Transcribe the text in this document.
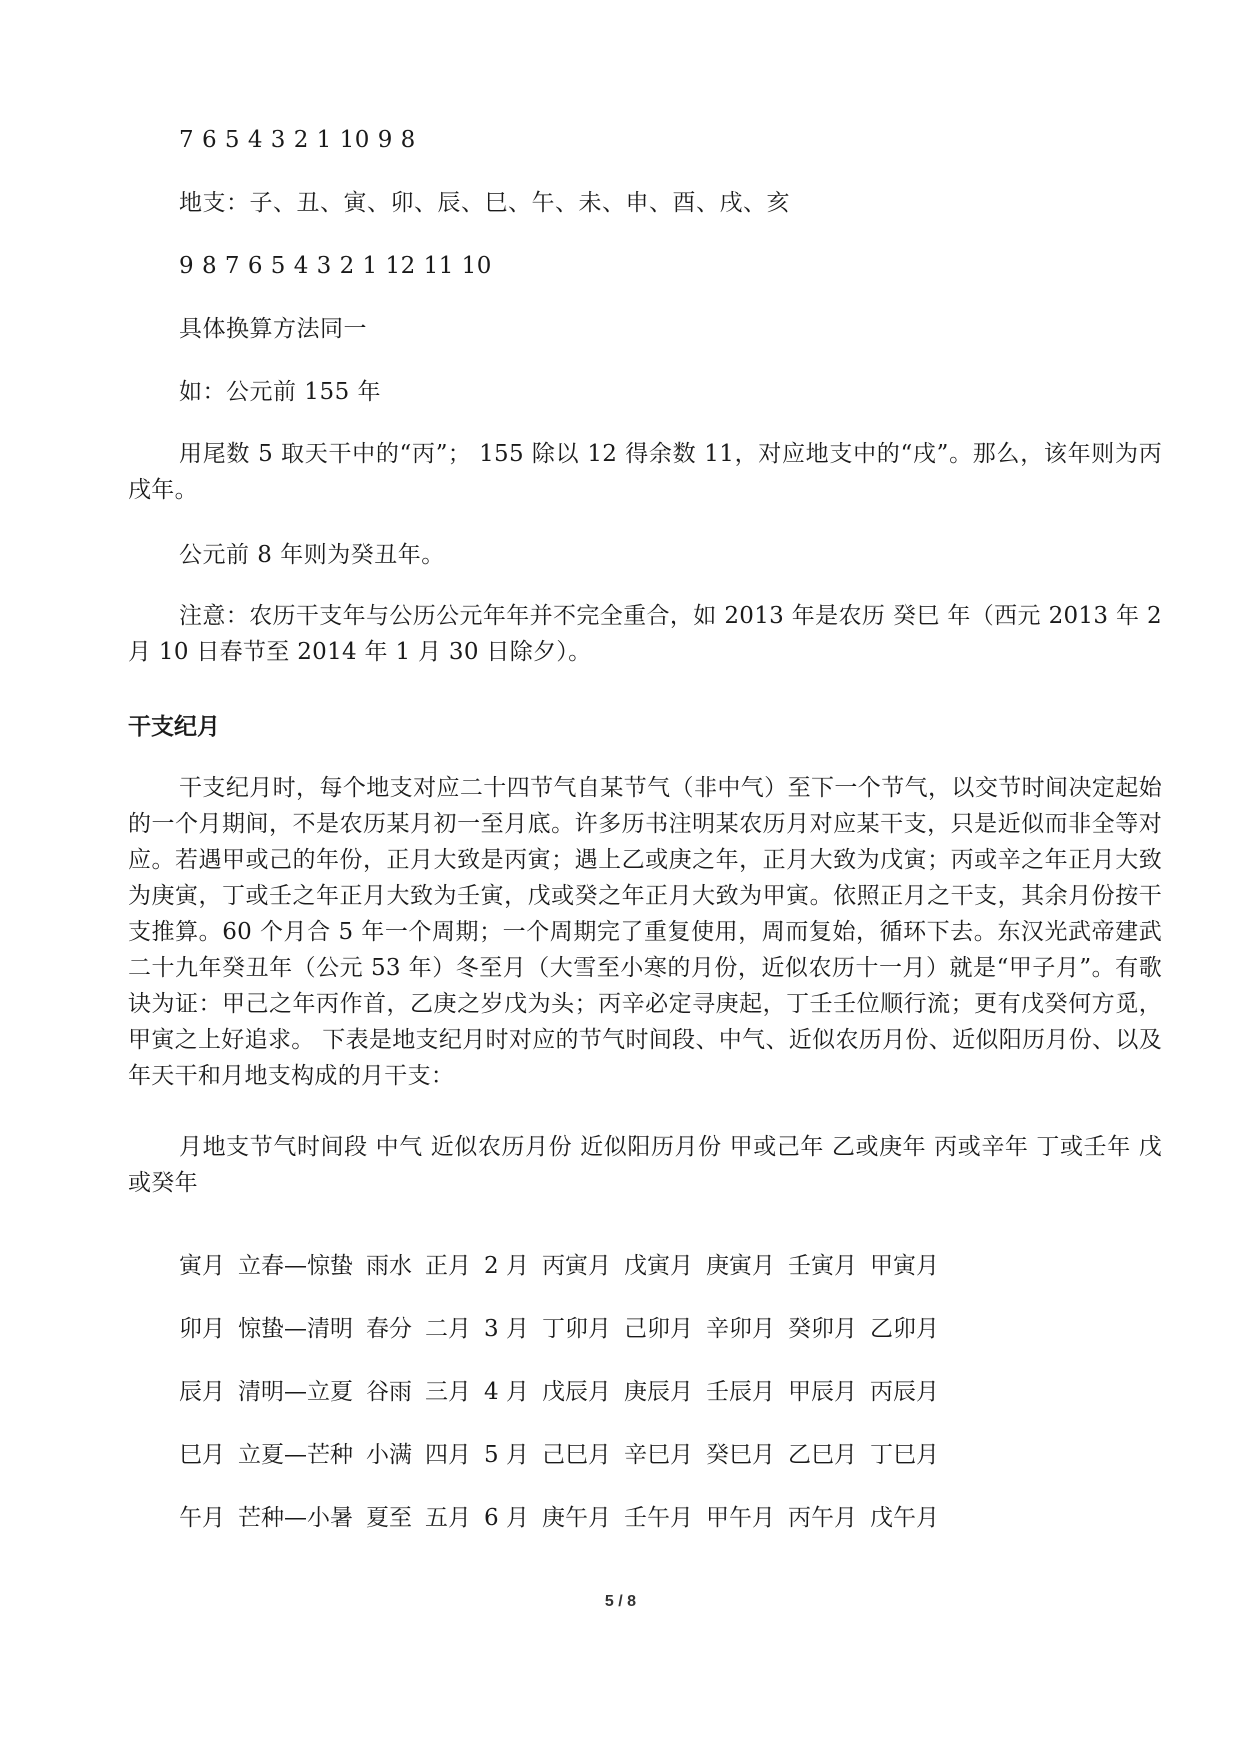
7 6 5 4 3 2 1 10 9 8
地支：子、丑、寅、卯、辰、巳、午、未、申、酉、戌、亥
9 8 7 6 5 4 3 2 1 12 11 10
具体换算方法同一
如：公元前 155 年
用尾数 5 取天干中的“丙”； 155 除以 12 得余数 11，对应地支中的“戌”。那么，该年则为丙戌年。
公元前 8 年则为癸丑年。
注意：农历干支年与公历公元年年并不完全重合，如 2013 年是农历 癸巳 年（西元 2013 年 2 月 10 日春节至 2014 年 1 月 30 日除夕）。
干支纪月
干支纪月时，每个地支对应二十四节气自某节气（非中气）至下一个节气，以交节时间决定起始的一个月期间，不是农历某月初一至月底。许多历书注明某农历月对应某干支，只是近似而非全等对应。若遇甲或己的年份，正月大致是丙寅；遇上乙或庚之年，正月大致为戊寅；丙或辛之年正月大致为庚寅，丁或壬之年正月大致为壬寅，戊或癸之年正月大致为甲寅。依照正月之干支，其余月份按干支推算。60 个月合 5 年一个周期；一个周期完了重复使用，周而复始，循环下去。东汉光武帝建武二十九年癸丑年（公元 53 年）冬至月（大雪至小寒的月份，近似农历十一月）就是“甲子月”。有歌诀为证：甲己之年丙作首，乙庚之岁戊为头；丙辛必定寻庚起，丁壬壬位顺行流；更有戊癸何方觅，甲寅之上好追求。 下表是地支纪月时对应的节气时间段、中气、近似农历月份、近似阳历月份、以及年天干和月地支构成的月干支：
月地支节气时间段 中气 近似农历月份 近似阳历月份 甲或己年 乙或庚年 丙或辛年 丁或壬年 戊或癸年
寅月 立春—惊蛰 雨水 正月 2 月 丙寅月 戊寅月 庚寅月 壬寅月 甲寅月
卯月 惊蛰—清明 春分 二月 3 月 丁卯月 己卯月 辛卯月 癸卯月 乙卯月
辰月 清明—立夏 谷雨 三月 4 月 戊辰月 庚辰月 壬辰月 甲辰月 丙辰月
巳月 立夏—芒种 小满 四月 5 月 己巳月 辛巳月 癸巳月 乙巳月 丁巳月
午月 芒种—小暑 夏至 五月 6 月 庚午月 壬午月 甲午月 丙午月 戊午月
5 / 8
